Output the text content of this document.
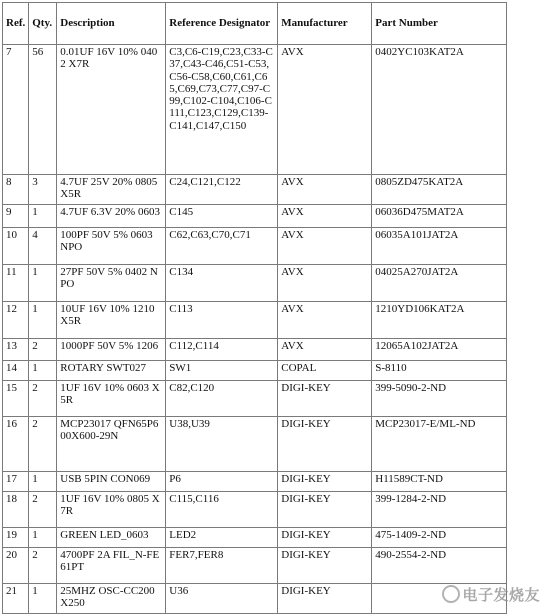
Ref.	Qty.	Description	Reference Designator	Manufacturer	Part Number
7	56	0.01UF 16V 10% 0402 X7R	C3,C6-C19,C23,C33-C37,C43-C46,C51-C53,C56-C58,C60,C61,C65,C69,C73,C77,C97-C99,C102-C104,C106-C111,C123,C129,C139-C141,C147,C150	AVX	0402YC103KAT2A
8	3	4.7UF 25V 20% 0805 X5R	C24,C121,C122	AVX	0805ZD475KAT2A
9	1	4.7UF 6.3V 20% 0603	C145	AVX	06036D475MAT2A
10	4	100PF 50V 5% 0603 NPO	C62,C63,C70,C71	AVX	06035A101JAT2A
11	1	27PF 50V 5% 0402 NPO	C134	AVX	04025A270JAT2A
12	1	10UF 16V 10% 1210 X5R	C113	AVX	1210YD106KAT2A
13	2	1000PF 50V 5% 1206	C112,C114	AVX	12065A102JAT2A
14	1	ROTARY SWT027	SW1	COPAL	S-8110
15	2	1UF 16V 10% 0603 X5R	C82,C120	DIGI-KEY	399-5090-2-ND
16	2	MCP23017 QFN65P600X600-29N	U38,U39	DIGI-KEY	MCP23017-E/ML-ND
17	1	USB 5PIN CON069	P6	DIGI-KEY	H11589CT-ND
18	2	1UF 16V 10% 0805 X7R	C115,C116	DIGI-KEY	399-1284-2-ND
19	1	GREEN LED_0603	LED2	DIGI-KEY	475-1409-2-ND
20	2	4700PF 2A FIL_N-FE61PT	FER7,FER8	DIGI-KEY	490-2554-2-ND
21	1	25MHZ OSC-CC200X250	U36	DIGI-KEY		电子发烧友
